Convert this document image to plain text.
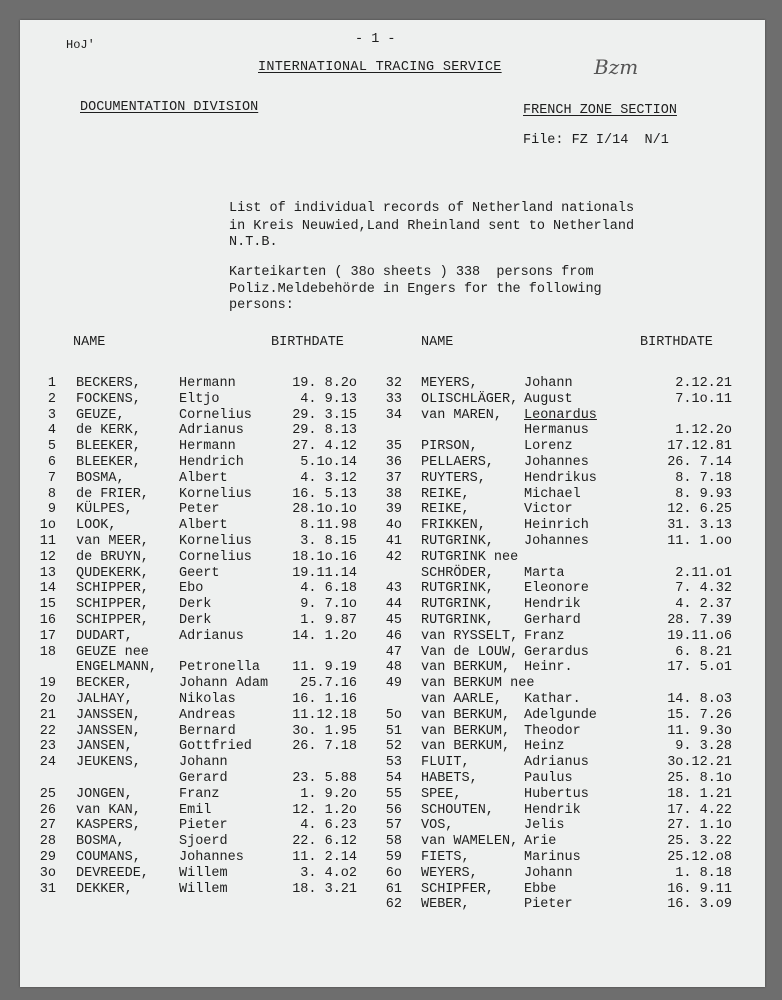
HoJ'	- 1 -
INTERNATIONAL TRACING SERVICE	Bzm
DOCUMENTATION DIVISION	FRENCH ZONE SECTION
File: FZ I/14  N/1
List of individual records of Netherland nationals
in Kreis Neuwied,Land Rheinland sent to Netherland
N.T.B.
Karteikarten ( 38o sheets ) 338  persons from
Poliz.Meldebehörde in Engers for the following
persons:
NAME	BIRTHDATE	NAME	BIRTHDATE
1 BECKERS,	Hermann	19. 8.2o
2 FOCKENS,	Eltjo	4. 9.13
3 GEUZE,	Cornelius	29. 3.15
4 de KERK,	Adrianus	29. 8.13
5 BLEEKER,	Hermann	27. 4.12
6 BLEEKER,	Hendrich	5.1o.14
7 BOSMA,	Albert	4. 3.12
8 de FRIER, Kornelius	16. 5.13
9 KÜLPES,	Peter	28.1o.1o
1o LOOK,	Albert	8.11.98
11 van MEER, Kornelius	3. 8.15
12 de BRUYN, Cornelius	18.1o.16
13 QUDEKERK, Geert	19.11.14
14 SCHIPPER, Ebo	4. 6.18
15 SCHIPPER, Derk	9. 7.1o
16 SCHIPPER, Derk	1. 9.87
17 DUDART,	Adrianus	14. 1.2o
18 GEUZE nee
ENGELMANN, Petronella 11. 9.19
19 BECKER,	Johann Adam 25.7.16
2o JALHAY,	Nikolas	16. 1.16
21 JANSSEN,	Andreas	11.12.18
22 JANSSEN,	Bernard	3o. 1.95
23 JANSEN,	Gottfried	26. 7.18
24 JEUKENS,	Johann
Gerard	23. 5.88
25 JONGEN,	Franz	1. 9.2o
26 van KAN,	Emil	12. 1.2o
27 KASPERS,	Pieter	4. 6.23
28 BOSMA,	Sjoerd	22. 6.12
29 COUMANS,	Johannes	11. 2.14
3o DEVREEDE, Willem	3. 4.o2
31 DEKKER,	Willem	18. 3.21
32 MEYERS,	Johann	2.12.21
33 OLISCHLÄGER, August	7.1o.11
34 van MAREN, Leonardus
Hermanus	1.12.2o
35 PIRSON,	Lorenz	17.12.81
36 PELLAERS, Johannes	26. 7.14
37 RUYTERS,	Hendrikus	8. 7.18
38 REIKE,	Michael	8. 9.93
39 REIKE,	Victor	12. 6.25
4o FRIKKEN,	Heinrich	31. 3.13
41 RUTGRINK, Johannes	11. 1.oo
42 RUTGRINK nee
SCHRÖDER, Marta	2.11.o1
43 RUTGRINK, Eleonore	7. 4.32
44 RUTGRINK, Hendrik	4. 2.37
45 RUTGRINK, Gerhard	28. 7.39
46 van RYSSELT, Franz	19.11.o6
47 Van de LOUW, Gerardus	6. 8.21
48 van BERKUM, Heinr.	17. 5.o1
49 van BERKUM nee
van AARLE, Kathar.	14. 8.o3
5o van BERKUM, Adelgunde	15. 7.26
51 van BERKUM, Theodor	11. 9.3o
52 van BERKUM, Heinz	9. 3.28
53 FLUIT,	Adrianus	3o.12.21
54 HABETS,	Paulus	25. 8.1o
55 SPEE,	Hubertus	18. 1.21
56 SCHOUTEN, Hendrik	17. 4.22
57 VOS,	Jelis	27. 1.1o
58 van WAMELEN, Arie	25. 3.22
59 FIETS,	Marinus	25.12.o8
6o WEYERS,	Johann	1. 8.18
61 SCHIPFER, Ebbe	16. 9.11
62 WEBER,	Pieter	16. 3.o9
